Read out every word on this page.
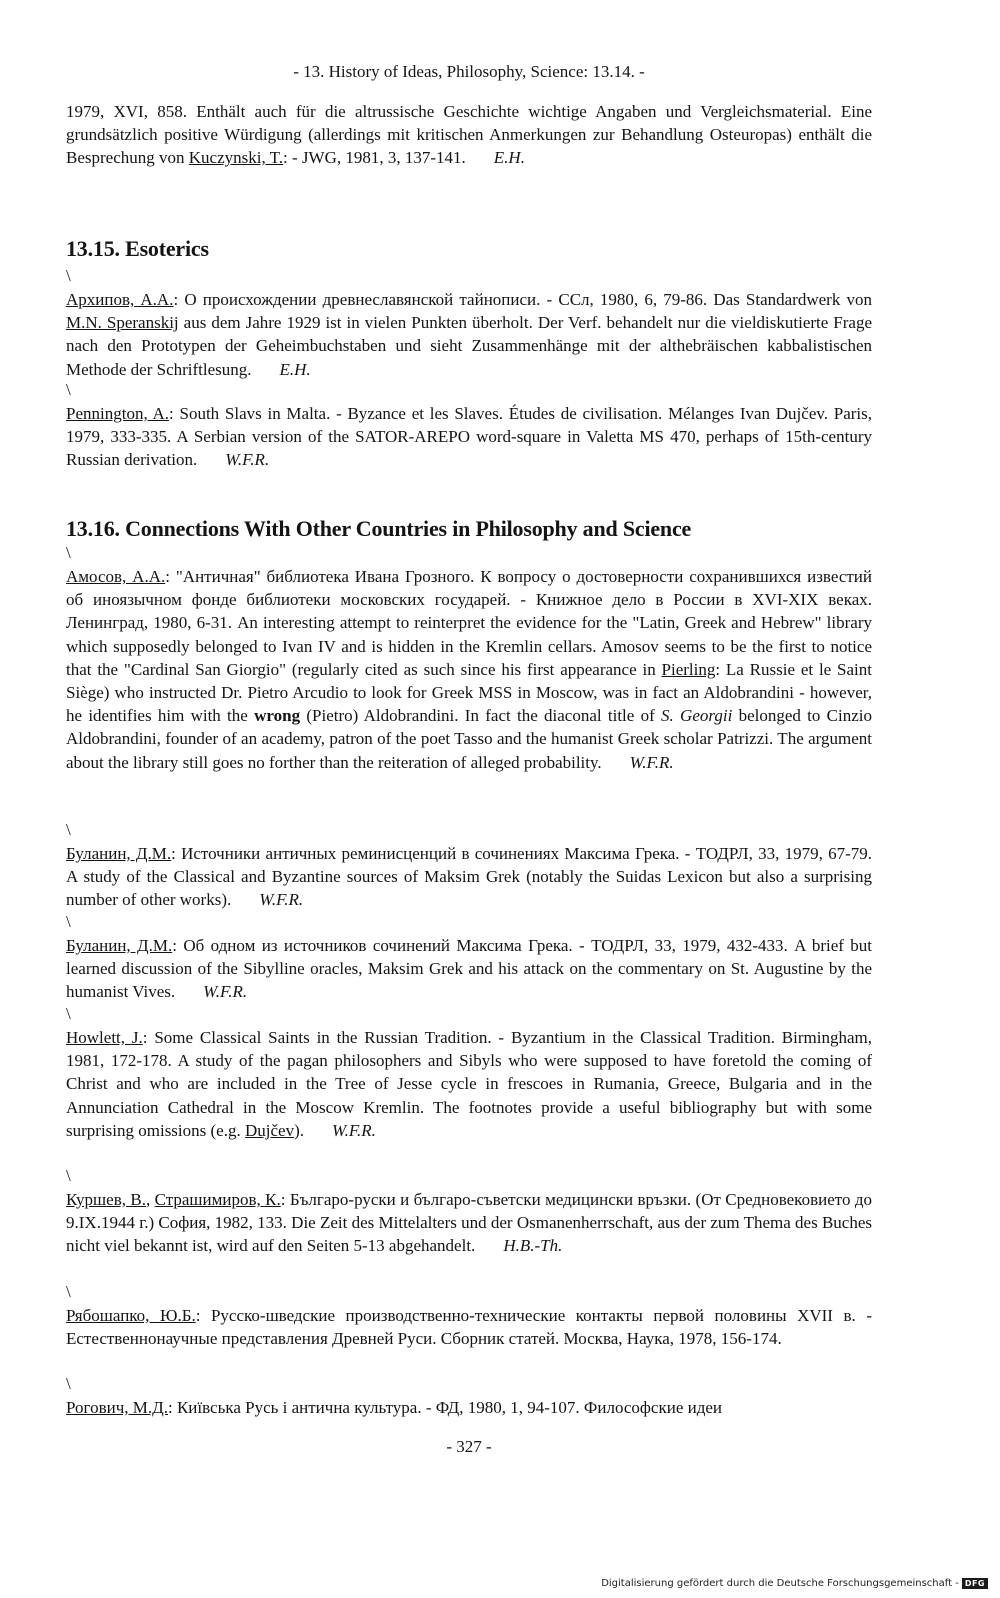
- 13. History of Ideas, Philosophy, Science: 13.14. -
1979, XVI, 858. Enthält auch für die altrussische Geschichte wichtige Angaben und Vergleichsmaterial. Eine grundsätzlich positive Würdigung (allerdings mit kritischen Anmerkungen zur Behandlung Osteuropas) enthält die Besprechung von Kuczynski, T.: - JWG, 1981, 3, 137-141. E.H.
13.15. Esoterics
\
Архипов, А.А.: О происхождении древнеславянской тайнописи. - ССл, 1980, 6, 79-86. Das Standardwerk von M.N. Speranskij aus dem Jahre 1929 ist in vielen Punkten überholt. Der Verf. behandelt nur die vieldiskutierte Frage nach den Prototypen der Geheimbuchstaben und sieht Zusammenhänge mit der althebräischen kabbalistischen Methode der Schriftlesung. E.H.
\
Pennington, A.: South Slavs in Malta. - Byzance et les Slaves. Études de civilisation. Mélanges Ivan Dujčev. Paris, 1979, 333-335. A Serbian version of the SATOR-AREPO word-square in Valetta MS 470, perhaps of 15th-century Russian derivation. W.F.R.
13.16. Connections With Other Countries in Philosophy and Science
\
Амосов, А.А.: "Античная" библиотека Ивана Грозного. К вопросу о достоверности сохранившихся известий об иноязычном фонде библиотеки московских государей. - Книжное дело в России в XVI-XIX веках. Ленинград, 1980, 6-31. An interesting attempt to reinterpret the evidence for the "Latin, Greek and Hebrew" library which supposedly belonged to Ivan IV and is hidden in the Kremlin cellars. Amosov seems to be the first to notice that the "Cardinal San Giorgio" (regularly cited as such since his first appearance in Pierling: La Russie et le Saint Siège) who instructed Dr. Pietro Arcudio to look for Greek MSS in Moscow, was in fact an Aldobrandini - however, he identifies him with the wrong (Pietro) Aldobrandini. In fact the diaconal title of S. Georgii belonged to Cinzio Aldobrandini, founder of an academy, patron of the poet Tasso and the humanist Greek scholar Patrizzi. The argument about the library still goes no forther than the reiteration of alleged probability. W.F.R.
\
Буланин, Д.М.: Источники античных реминисценций в сочинениях Максима Грека. - ТОДРЛ, 33, 1979, 67-79. A study of the Classical and Byzantine sources of Maksim Grek (notably the Suidas Lexicon but also a surprising number of other works). W.F.R.
\
Буланин, Д.М.: Об одном из источников сочинений Максима Грека. - ТОДРЛ, 33, 1979, 432-433. A brief but learned discussion of the Sibylline oracles, Maksim Grek and his attack on the commentary on St. Augustine by the humanist Vives. W.F.R.
\
Howlett, J.: Some Classical Saints in the Russian Tradition. - Byzantium in the Classical Tradition. Birmingham, 1981, 172-178. A study of the pagan philosophers and Sibyls who were supposed to have foretold the coming of Christ and who are included in the Tree of Jesse cycle in frescoes in Rumania, Greece, Bulgaria and in the Annunciation Cathedral in the Moscow Kremlin. The footnotes provide a useful bibliography but with some surprising omissions (e.g. Dujčev). W.F.R.
\
Куршев, В., Страшимиров, К.: Българо-руски и българо-съветски медицински връзки. (От Средновековието до 9.IX.1944 г.) София, 1982, 133. Die Zeit des Mittelalters und der Osmanenherrschaft, aus der zum Thema des Buches nicht viel bekannt ist, wird auf den Seiten 5-13 abgehandelt. H.B.-Th.
\
Рябошапко, Ю.Б.: Русско-шведские производственно-технические контакты первой половины XVII в. - Естественнонаучные представления Древней Руси. Сборник статей. Москва, Наука, 1978, 156-174.
\
Рогович, М.Д.: Київська Русь і антична культура. - ФД, 1980, 1, 94-107. Философские идеи
- 327 -
Digitalisierung gefördert durch die Deutsche Forschungsgemeinschaft - DFG
